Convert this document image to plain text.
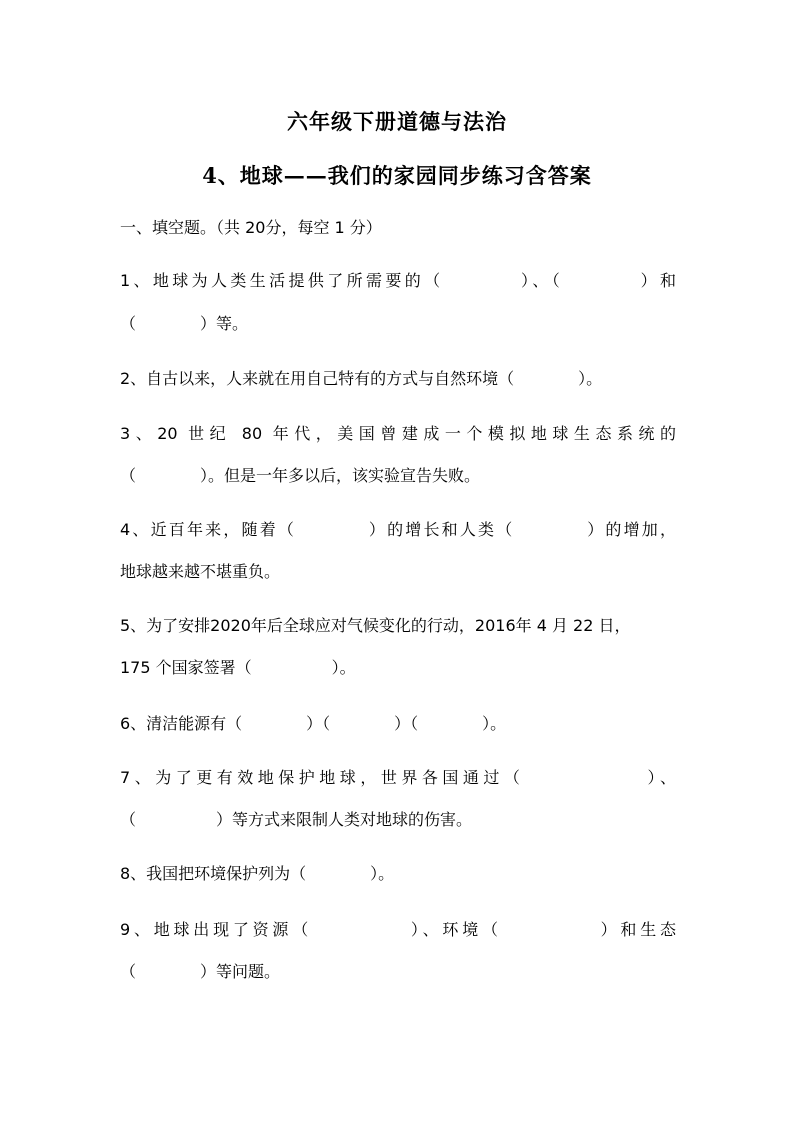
六年级下册道德与法治
4、地球——我们的家园同步练习含答案
一、填空题。（共 20分，每空 1 分）
1、地球为人类生活提供了所需要的（　　　　）、（　　　　）和
（　　　　）等。
2、自古以来，人来就在用自己特有的方式与自然环境（　　　　）。
3、20 世纪 80 年代，美国曾建成一个模拟地球生态系统的
（　　　　）。但是一年多以后，该实验宣告失败。
4、近百年来，随着（　　　　）的增长和人类（　　　　）的增加，
地球越来越不堪重负。
5、为了安排2020年后全球应对气候变化的行动，2016年 4 月 22 日，
175 个国家签署（　　　　　）。
6、清洁能源有（　　　　）（　　　　）（　　　　）。
7、为了更有效地保护地球，世界各国通过（　　　　　　）、
（　　　　　）等方式来限制人类对地球的伤害。
8、我国把环境保护列为（　　　　）。
9、地球出现了资源（　　　　　）、环境（　　　　　）和生态
（　　　　）等问题。
